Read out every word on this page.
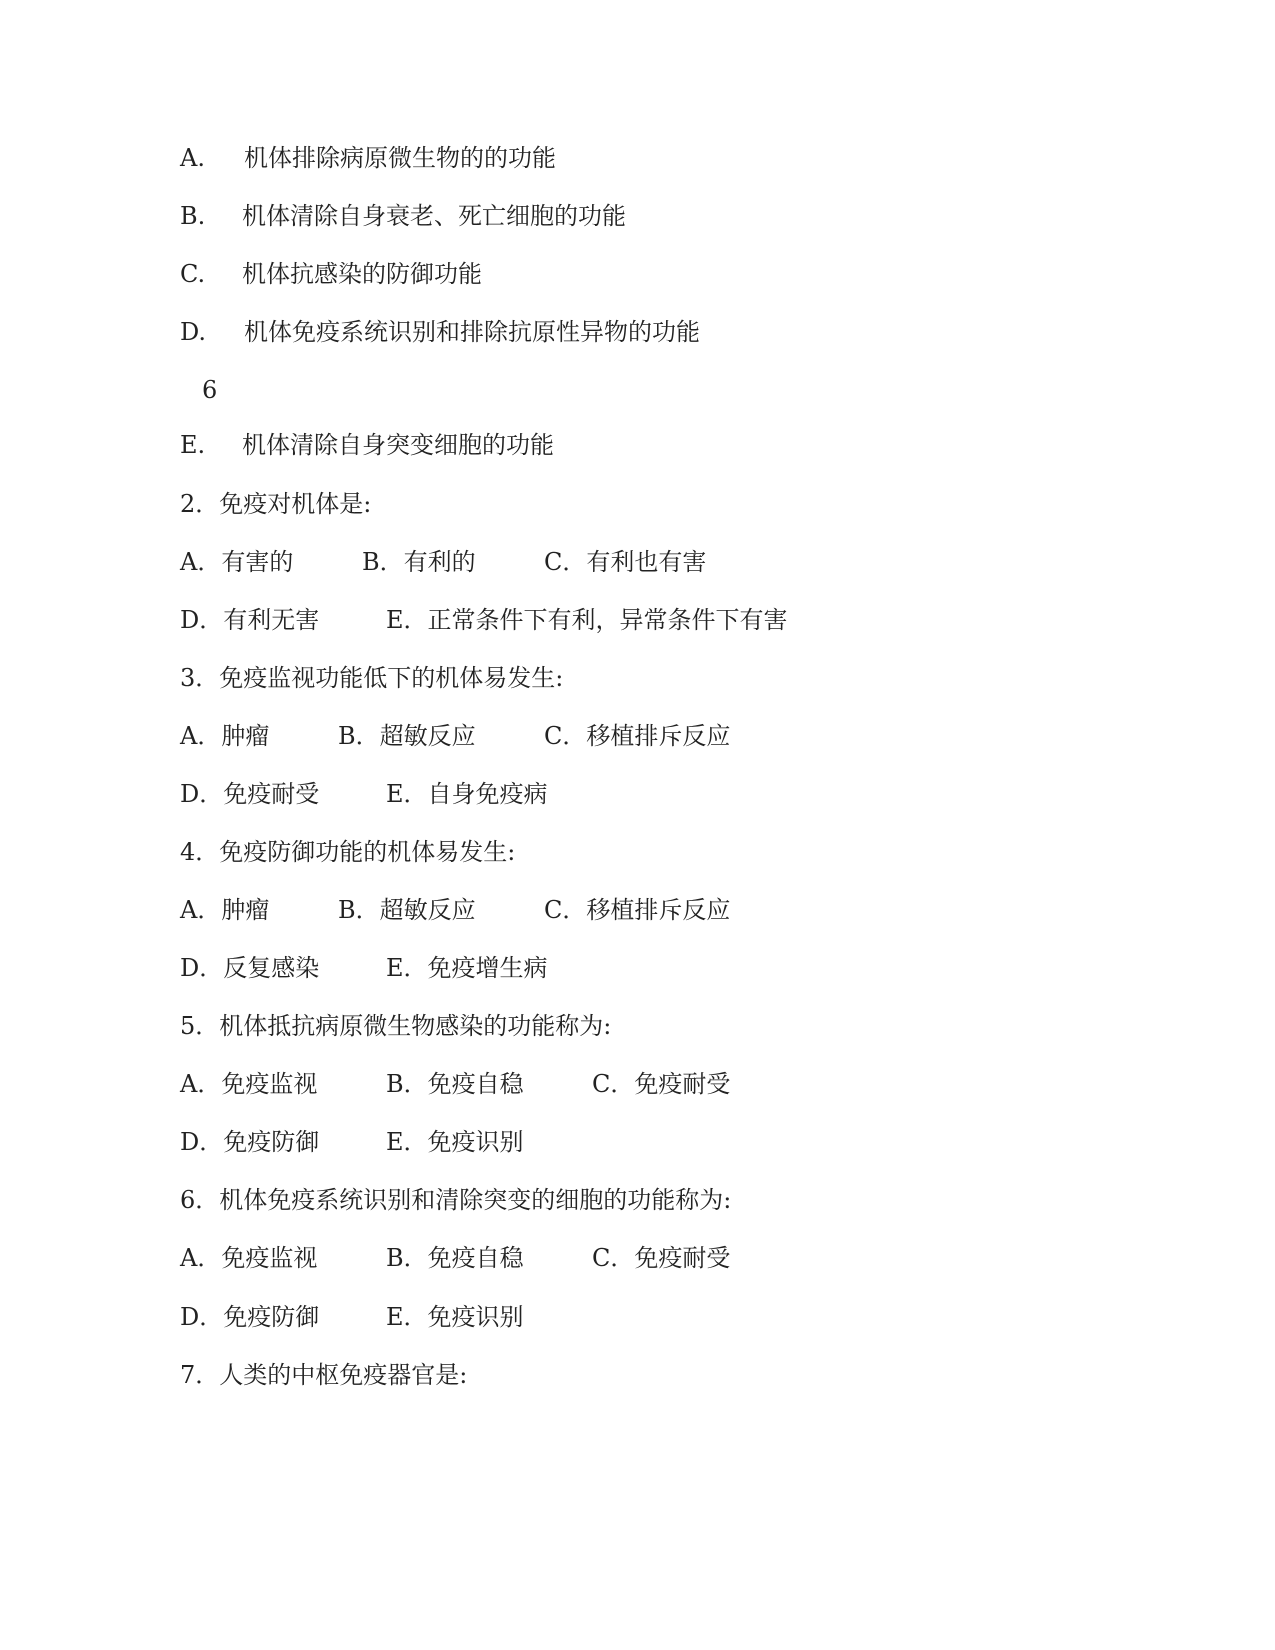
A. 机体排除病原微生物的的功能
B. 机体清除自身衰老、死亡细胞的功能
C. 机体抗感染的防御功能
D. 机体免疫系统识别和排除抗原性异物的功能
6
E. 机体清除自身突变细胞的功能
2．免疫对机体是:
A．有害的	B．有利的	C．有利也有害
D．有利无害	E．正常条件下有利，异常条件下有害
3．免疫监视功能低下的机体易发生:
A．肿瘤	B．超敏反应	C．移植排斥反应
D．免疫耐受	E．自身免疫病
4．免疫防御功能的机体易发生:
A．肿瘤	B．超敏反应	C．移植排斥反应
D．反复感染	E．免疫增生病
5．机体抵抗病原微生物感染的功能称为:
A．免疫监视	B．免疫自稳	C．免疫耐受
D．免疫防御	E．免疫识别
6．机体免疫系统识别和清除突变的细胞的功能称为:
A．免疫监视	B．免疫自稳	C．免疫耐受
D．免疫防御	E．免疫识别
7．人类的中枢免疫器官是:
